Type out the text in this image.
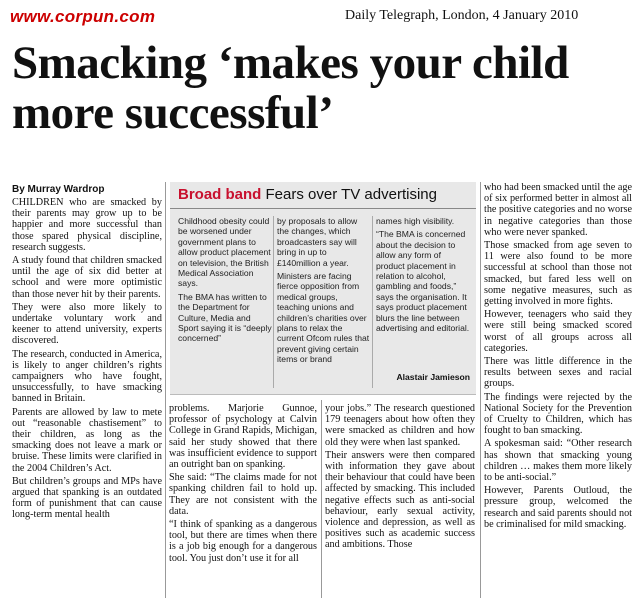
www.corpun.com	Daily Telegraph, London, 4 January 2010
Smacking ‘makes your child more successful’
By Murray Wardrop

CHILDREN who are smacked by their parents may grow up to be happier and more successful than those spared physical discipline, research suggests.

A study found that children smacked until the age of six did better at school and were more optimistic than those never hit by their parents.

They were also more likely to undertake voluntary work and keener to attend university, experts discovered.

The research, conducted in America, is likely to anger children’s rights campaigners who have fought, unsuccessfully, to have smacking banned in Britain.

Parents are allowed by law to mete out “reasonable chastisement” to their children, as long as the smacking does not leave a mark or bruise. These limits were clarified in the 2004 Children’s Act.

But children’s groups and MPs have argued that spanking is an outdated form of punishment that can cause long-term mental health

Broad band Fears over TV advertising

Childhood obesity could be worsened under government plans to allow product placement on television, the British Medical Association says.

The BMA has written to the Department for Culture, Media and Sport saying it is “deeply concerned”

by proposals to allow the changes, which broadcasters say will bring in up to £140million a year.

Ministers are facing fierce opposition from medical groups, teaching unions and children’s charities over plans to relax the current Ofcom rules that prevent giving certain items or brand

names high visibility.

“The BMA is concerned about the decision to allow any form of product placement in relation to alcohol, gambling and foods,” says the organisation. It says product placement blurs the line between advertising and editorial.

Alastair Jamieson

problems. Marjorie Gunnoe, professor of psychology at Calvin College in Grand Rapids, Michigan, said her study showed that there was insufficient evidence to support an outright ban on spanking.

She said: “The claims made for not spanking children fail to hold up. They are not consistent with the data.

“I think of spanking as a dangerous tool, but there are times when there is a job big enough for a dangerous tool. You just don’t use it for all

your jobs.” The research questioned 179 teenagers about how often they were smacked as children and how old they were when last spanked.

Their answers were then compared with information they gave about their behaviour that could have been affected by smacking. This included negative effects such as anti-social behaviour, early sexual activity, violence and depression, as well as positives such as academic success and ambitions. Those

who had been smacked until the age of six performed better in almost all the positive categories and no worse in negative categories than those who were never spanked.

Those smacked from age seven to 11 were also found to be more successful at school than those not smacked, but fared less well on some negative measures, such as getting involved in more fights.

However, teenagers who said they were still being smacked scored worst of all groups across all categories.

There was little difference in the results between sexes and racial groups.

The findings were rejected by the National Society for the Prevention of Cruelty to Children, which has fought to ban smacking.

A spokesman said: “Other research has shown that smacking young children … makes them more likely to be anti-social.”

However, Parents Outloud, the pressure group, welcomed the research and said parents should not be criminalised for mild smacking.
